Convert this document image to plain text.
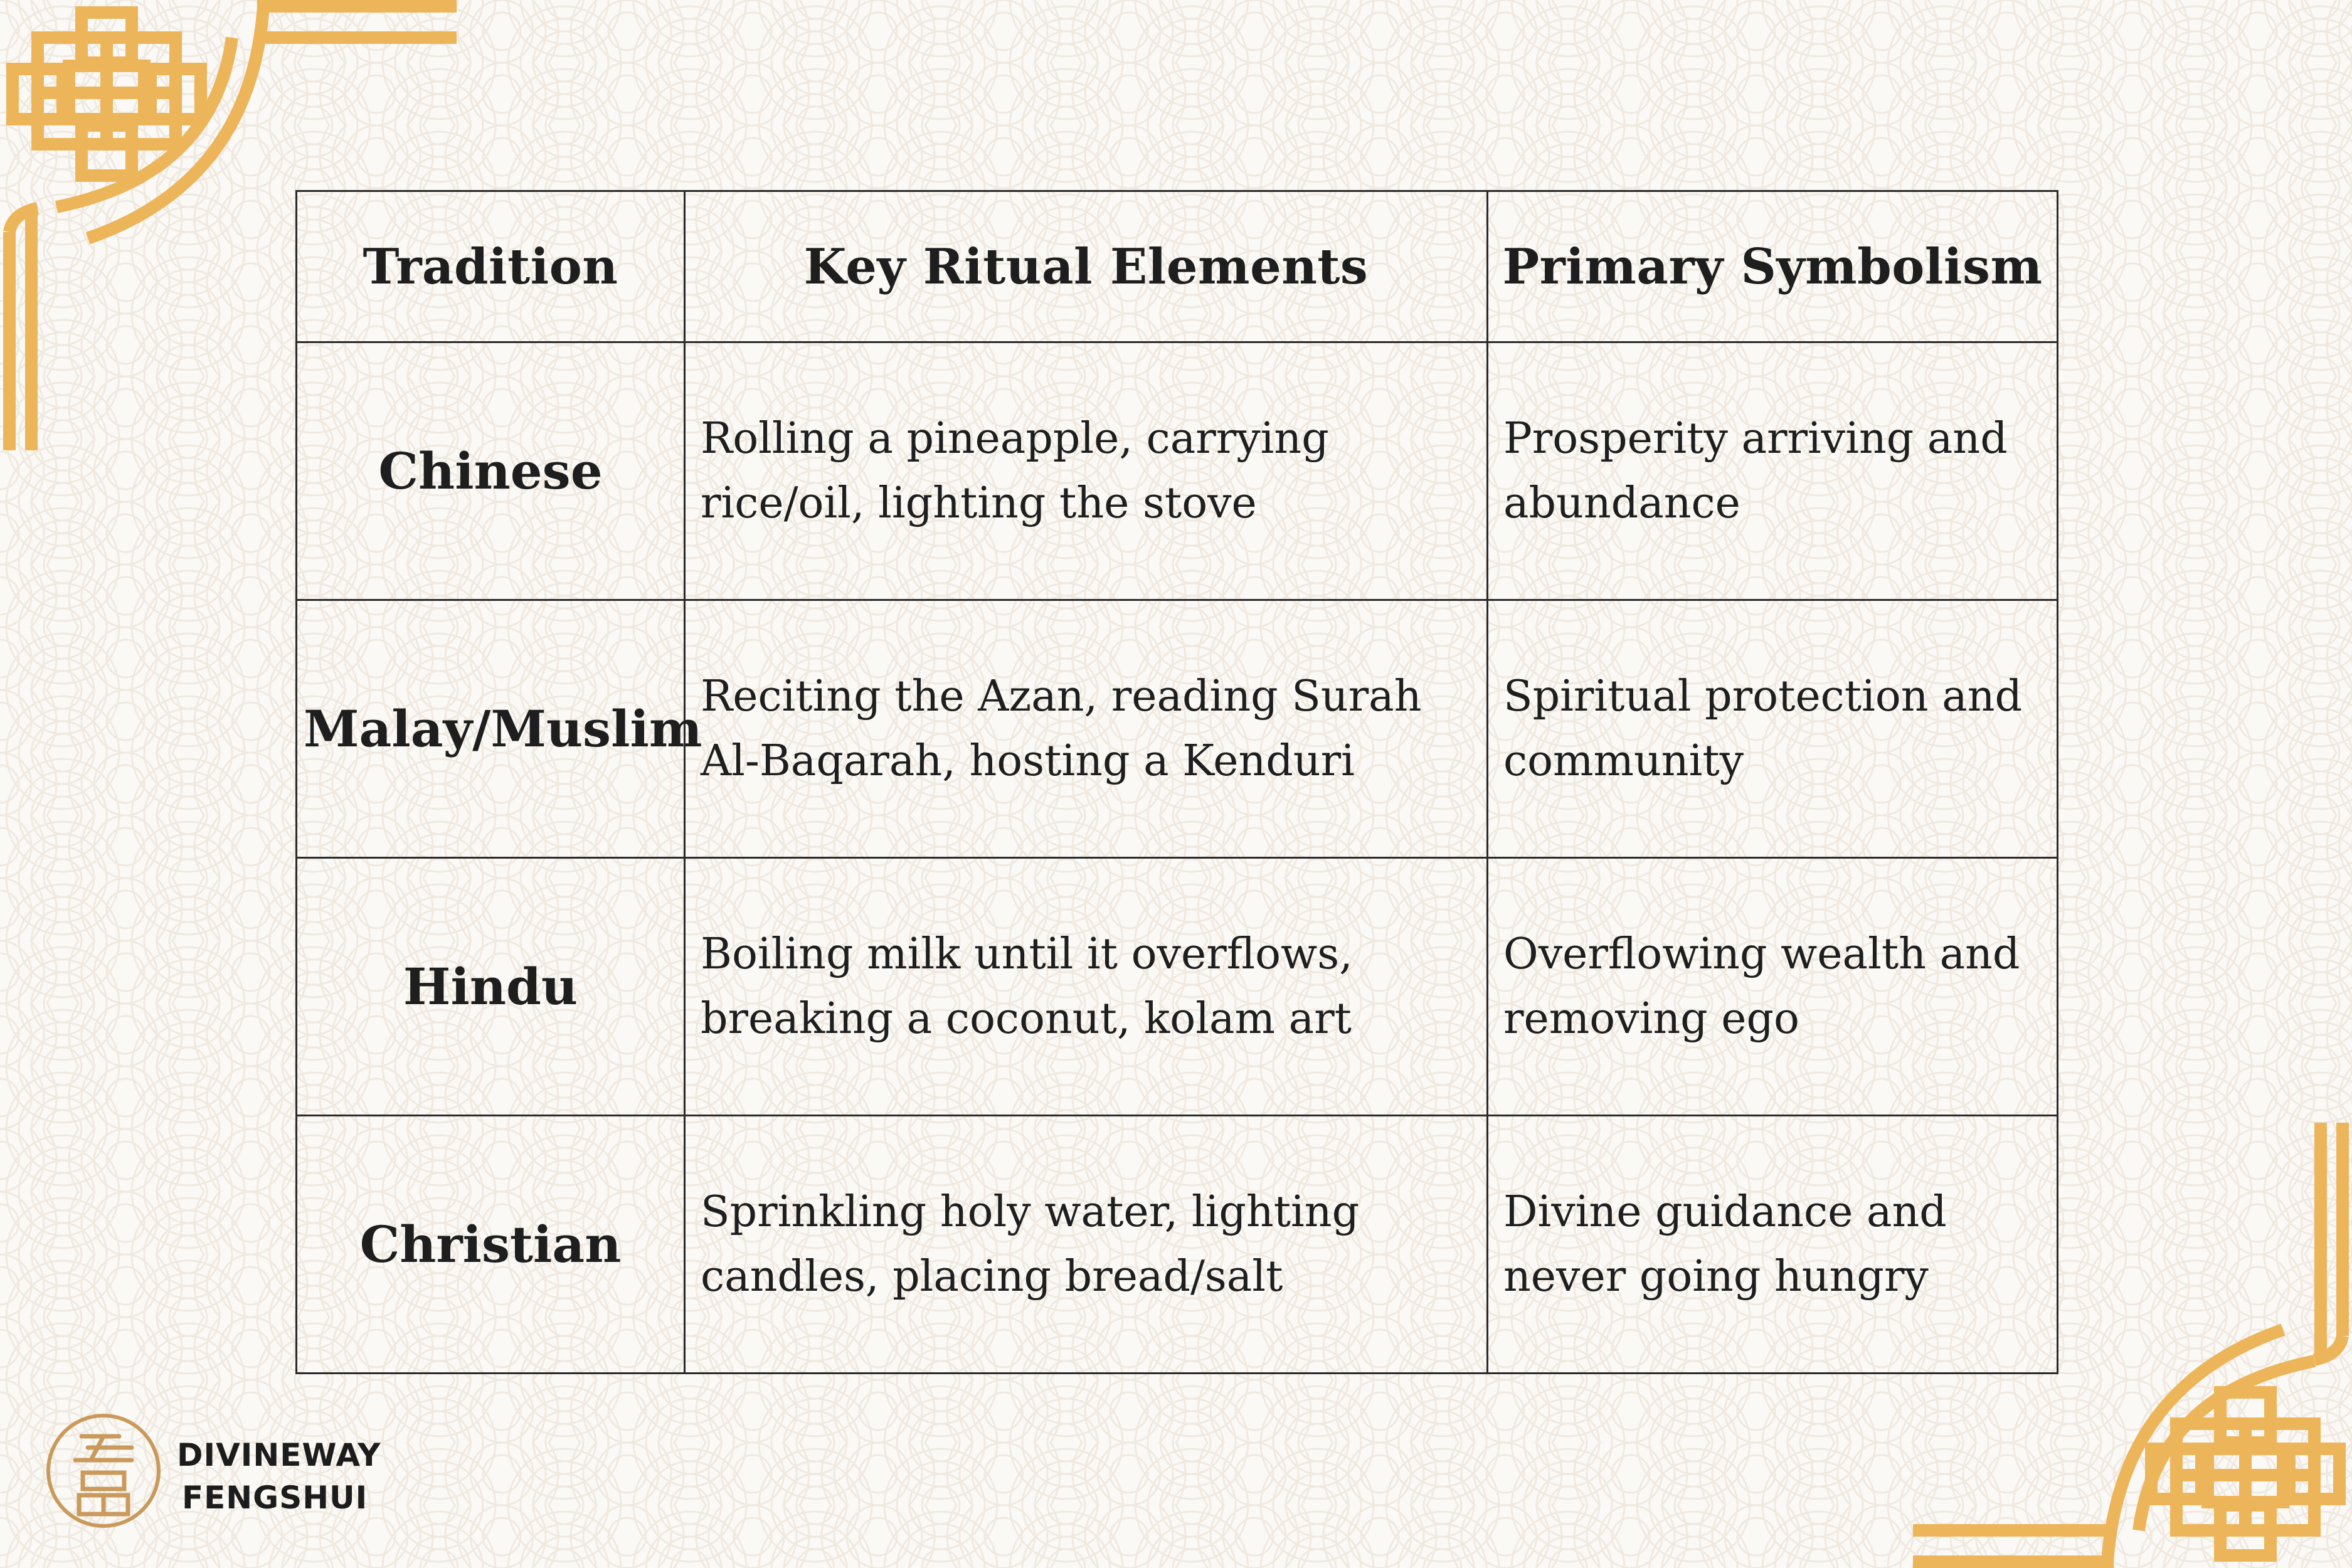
Tradition	Key Ritual Elements	Primary Symbolism
Chinese	Rolling a pineapple, carrying rice/oil, lighting the stove	Prosperity arriving and abundance
Malay/Muslim	Reciting the Azan, reading Surah Al-Baqarah, hosting a Kenduri	Spiritual protection and community
Hindu	Boiling milk until it overflows, breaking a coconut, kolam art	Overflowing wealth and removing ego
Christian	Sprinkling holy water, lighting candles, placing bread/salt	Divine guidance and never going hungry
DIVINEWAY
FENGSHUI
